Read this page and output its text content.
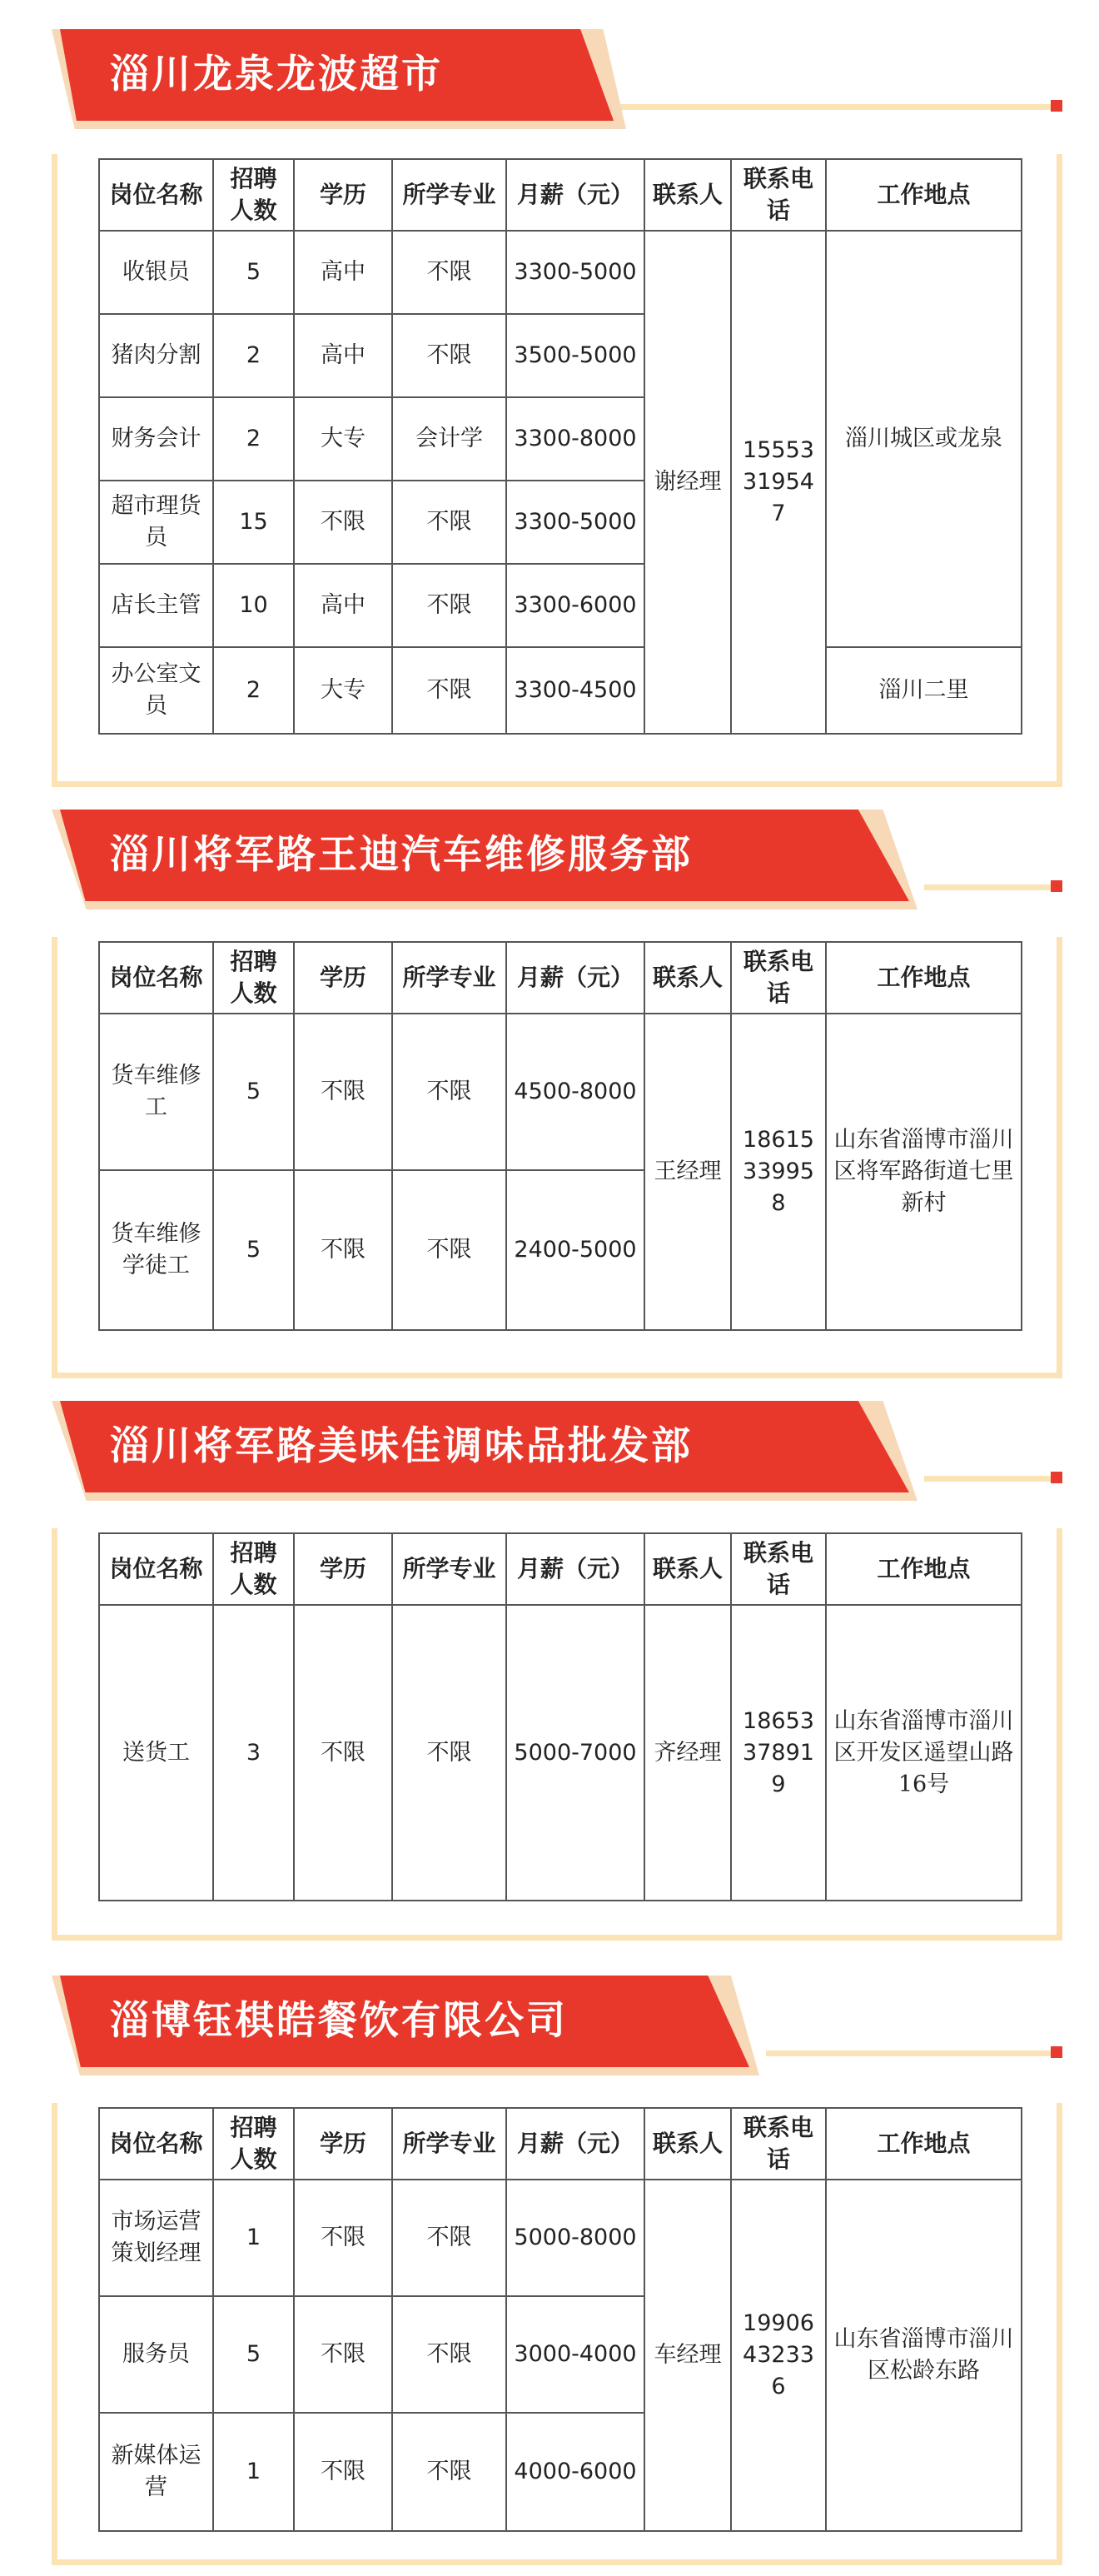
淄川龙泉龙波超市
岗位名称	招聘人数	学历	所学专业	月薪（元）	联系人	联系电话	工作地点
收银员	5	高中	不限	3300-5000	谢经理	15553319547	淄川城区或龙泉
猪肉分割	2	高中	不限	3500-5000			
财务会计	2	大专	会计学	3300-8000			
超市理货员	15	不限	不限	3300-5000			
店长主管	10	高中	不限	3300-6000			
办公室文员	2	大专	不限	3300-4500			淄川二里
淄川将军路王迪汽车维修服务部
岗位名称	招聘人数	学历	所学专业	月薪（元）	联系人	联系电话	工作地点
货车维修工	5	不限	不限	4500-8000	王经理	18615339958	山东省淄博市淄川区将军路街道七里新村
货车维修学徒工	5	不限	不限	2400-5000			
淄川将军路美味佳调味品批发部
岗位名称	招聘人数	学历	所学专业	月薪（元）	联系人	联系电话	工作地点
送货工	3	不限	不限	5000-7000	齐经理	18653378919	山东省淄博市淄川区开发区遥望山路16号
淄博钰棋皓餐饮有限公司
岗位名称	招聘人数	学历	所学专业	月薪（元）	联系人	联系电话	工作地点
市场运营策划经理	1	不限	不限	5000-8000	车经理	19906432336	山东省淄博市淄川区松龄东路
服务员	5	不限	不限	3000-4000			
新媒体运营	1	不限	不限	4000-6000			
